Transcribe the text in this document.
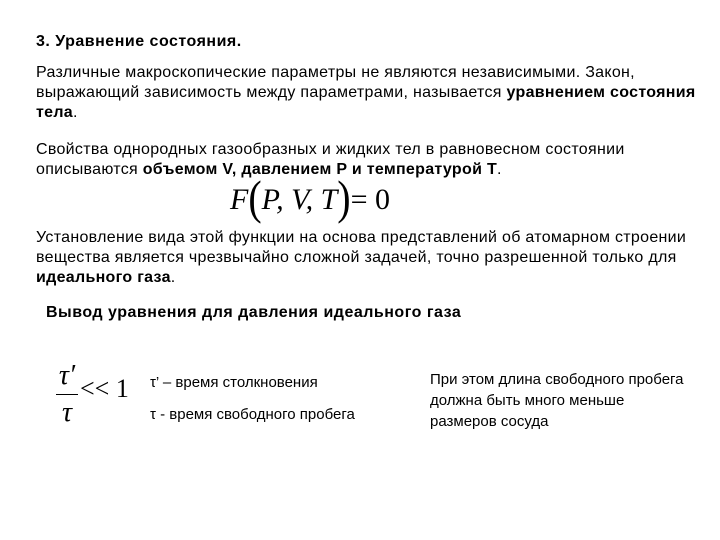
3. Уравнение состояния.
Различные макроскопические параметры не являются независимыми. Закон, выражающий зависимость между параметрами, называется уравнением состояния тела.
Свойства однородных газообразных и жидких тел в равновесном состоянии описываются объемом V, давлением P и температурой T.
F(P, V, T)= 0
Установление вида этой функции на основа представлений об атомарном строении вещества является чрезвычайно сложной задачей, точно разрешенной только для идеального газа.
Вывод уравнения для давления идеального газа
τ′
τ
<< 1 τ’ – время столкновения
τ - время свободного пробега
При этом длина свободного пробега должна быть много меньше размеров сосуда
